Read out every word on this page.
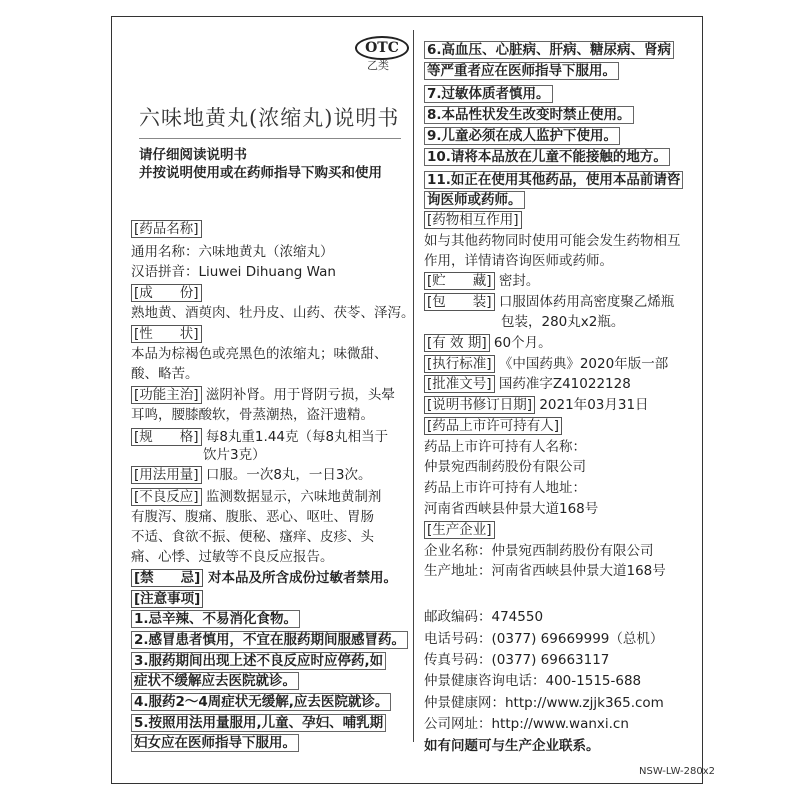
OTC
乙类
六味地黄丸(浓缩丸)说明书
请仔细阅读说明书
并按说明使用或在药师指导下购买和使用
[药品名称]
通用名称：六味地黄丸（浓缩丸）
汉语拼音：Liuwei Dihuang Wan
[成　　份]
熟地黄、酒萸肉、牡丹皮、山药、茯苓、泽泻。
[性　　状]
本品为棕褐色或亮黑色的浓缩丸；味微甜、
酸、略苦。
[功能主治] 滋阴补肾。用于肾阴亏损，头晕
耳鸣，腰膝酸软，骨蒸潮热，盗汗遗精。
[规　　格] 每8丸重1.44克（每8丸相当于
饮片3克）
[用法用量] 口服。一次8丸，一日3次。
[不良反应] 监测数据显示，六味地黄制剂
有腹泻、腹痛、腹胀、恶心、呕吐、胃肠
不适、食欲不振、便秘、瘙痒、皮疹、头
痛、心悸、过敏等不良反应报告。
[禁　　忌] 对本品及所含成份过敏者禁用。
[注意事项]
1.忌辛辣、不易消化食物。
2.感冒患者慎用，不宜在服药期间服感冒药。
3.服药期间出现上述不良反应时应停药,如
症状不缓解应去医院就诊。
4.服药2～4周症状无缓解,应去医院就诊。
5.按照用法用量服用,儿童、孕妇、哺乳期
妇女应在医师指导下服用。
6.高血压、心脏病、肝病、糖尿病、肾病
等严重者应在医师指导下服用。
7.过敏体质者慎用。
8.本品性状发生改变时禁止使用。
9.儿童必须在成人监护下使用。
10.请将本品放在儿童不能接触的地方。
11.如正在使用其他药品，使用本品前请咨
询医师或药师。
[药物相互作用]
如与其他药物同时使用可能会发生药物相互
作用，详情请咨询医师或药师。
[贮　　藏] 密封。
[包　　装] 口服固体药用高密度聚乙烯瓶
包装，280丸x2瓶。
[有 效 期] 60个月。
[执行标准] 《中国药典》2020年版一部
[批准文号] 国药准字Z41022128
[说明书修订日期] 2021年03月31日
[药品上市许可持有人]
药品上市许可持有人名称：
仲景宛西制药股份有限公司
药品上市许可持有人地址：
河南省西峡县仲景大道168号
[生产企业]
企业名称：仲景宛西制药股份有限公司
生产地址：河南省西峡县仲景大道168号
邮政编码：474550
电话号码：(0377) 69669999（总机）
传真号码：(0377) 69663117
仲景健康咨询电话：400-1515-688
仲景健康网：http://www.zjjk365.com
公司网址：http://www.wanxi.cn
如有问题可与生产企业联系。
NSW-LW-280x2
